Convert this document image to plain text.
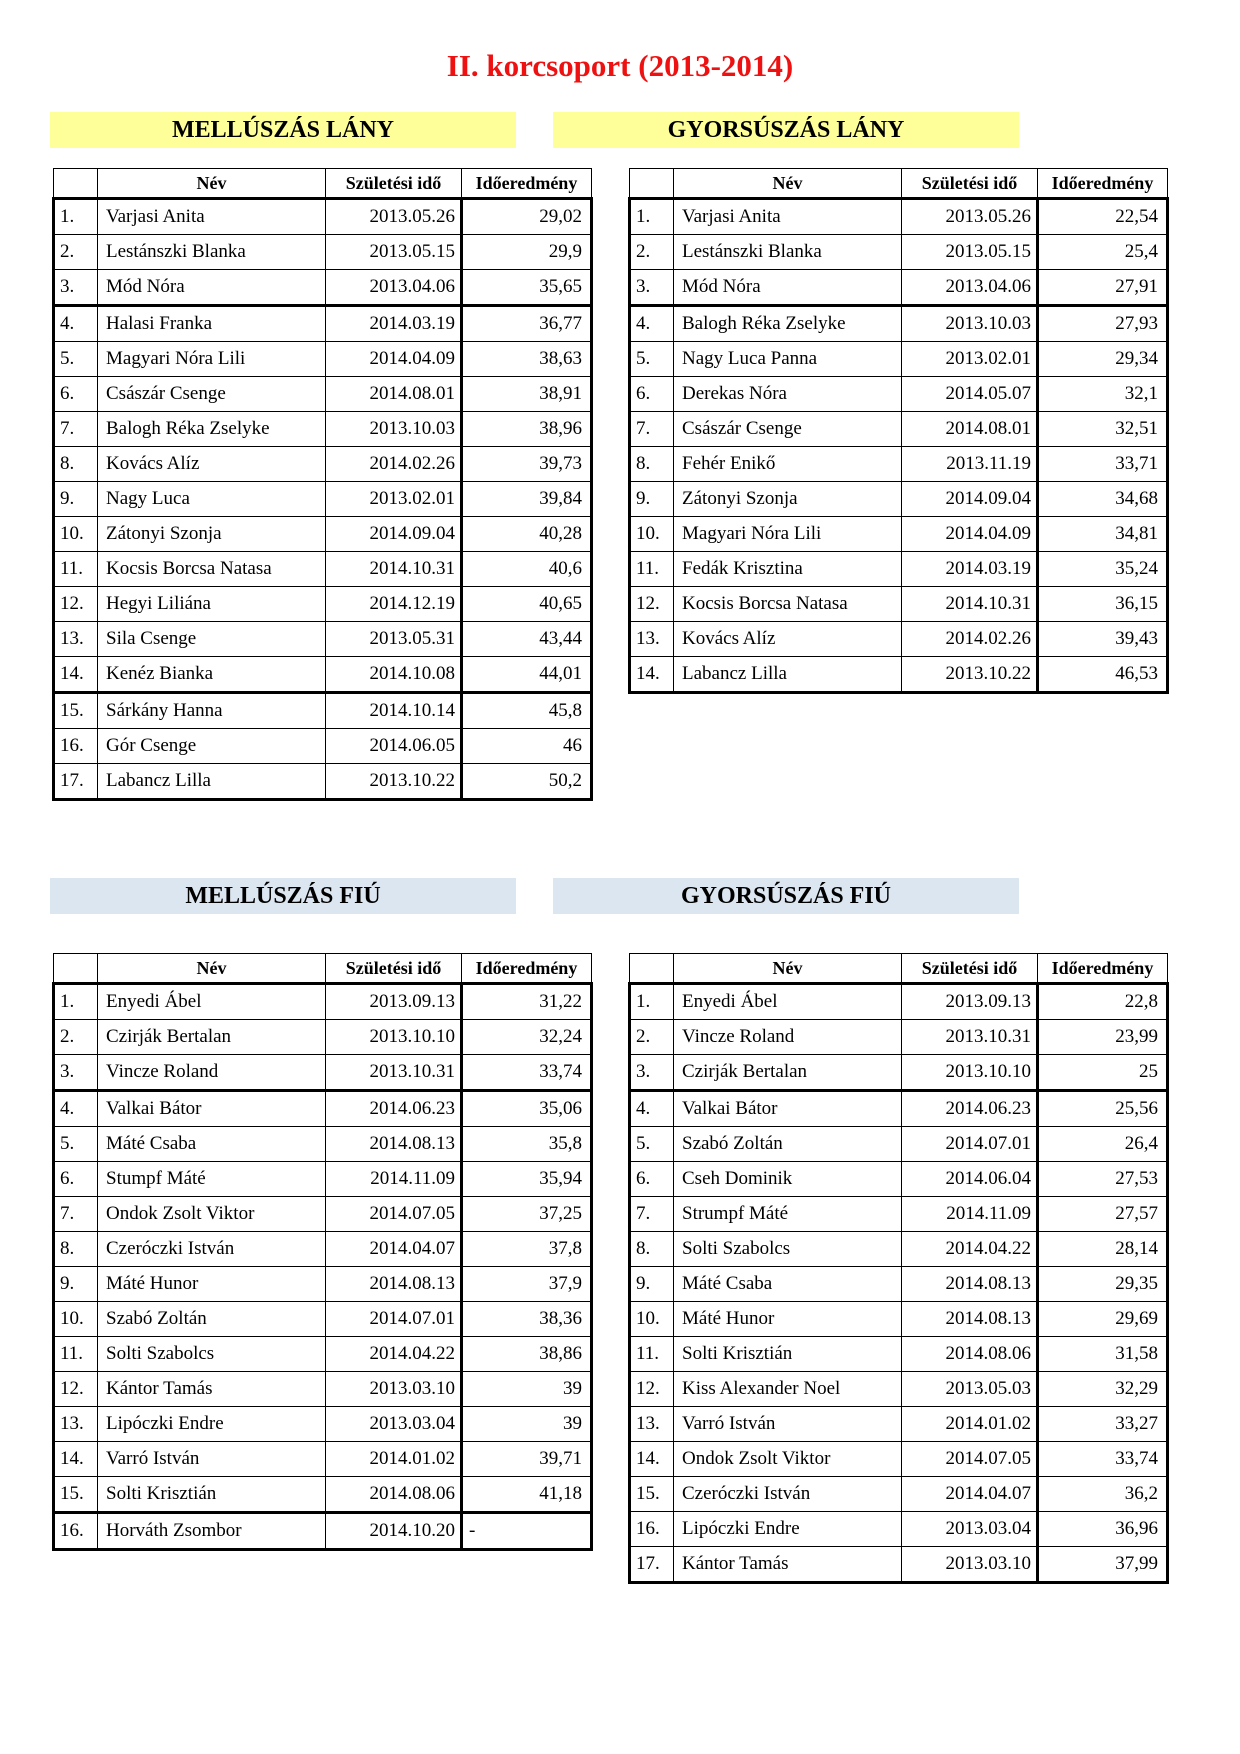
II. korcsoport (2013-2014)
MELLÚSZÁS LÁNY	GYORSÚSZÁS LÁNY
MELLÚSZÁS FIÚ	GYORSÚSZÁS FIÚ
	Név	Születési idő	Időeredmény
1.	Varjasi Anita	2013.05.26	29,02
2.	Lestánszki Blanka	2013.05.15	29,9
3.	Mód Nóra	2013.04.06	35,65
4.	Halasi Franka	2014.03.19	36,77
5.	Magyari Nóra Lili	2014.04.09	38,63
6.	Császár Csenge	2014.08.01	38,91
7.	Balogh Réka Zselyke	2013.10.03	38,96
8.	Kovács Alíz	2014.02.26	39,73
9.	Nagy Luca	2013.02.01	39,84
10.	Zátonyi Szonja	2014.09.04	40,28
11.	Kocsis Borcsa Natasa	2014.10.31	40,6
12.	Hegyi Liliána	2014.12.19	40,65
13.	Sila Csenge	2013.05.31	43,44
14.	Kenéz Bianka	2014.10.08	44,01
15.	Sárkány Hanna	2014.10.14	45,8
16.	Gór Csenge	2014.06.05	46
17.	Labancz Lilla	2013.10.22	50,2
	Név	Születési idő	Időeredmény
1.	Varjasi Anita	2013.05.26	22,54
2.	Lestánszki Blanka	2013.05.15	25,4
3.	Mód Nóra	2013.04.06	27,91
4.	Balogh Réka Zselyke	2013.10.03	27,93
5.	Nagy Luca Panna	2013.02.01	29,34
6.	Derekas Nóra	2014.05.07	32,1
7.	Császár Csenge	2014.08.01	32,51
8.	Fehér Enikő	2013.11.19	33,71
9.	Zátonyi Szonja	2014.09.04	34,68
10.	Magyari Nóra Lili	2014.04.09	34,81
11.	Fedák Krisztina	2014.03.19	35,24
12.	Kocsis Borcsa Natasa	2014.10.31	36,15
13.	Kovács Alíz	2014.02.26	39,43
14.	Labancz Lilla	2013.10.22	46,53
	Név	Születési idő	Időeredmény
1.	Enyedi Ábel	2013.09.13	31,22
2.	Czirják Bertalan	2013.10.10	32,24
3.	Vincze Roland	2013.10.31	33,74
4.	Valkai Bátor	2014.06.23	35,06
5.	Máté Csaba	2014.08.13	35,8
6.	Stumpf Máté	2014.11.09	35,94
7.	Ondok Zsolt Viktor	2014.07.05	37,25
8.	Czeróczki István	2014.04.07	37,8
9.	Máté Hunor	2014.08.13	37,9
10.	Szabó Zoltán	2014.07.01	38,36
11.	Solti Szabolcs	2014.04.22	38,86
12.	Kántor Tamás	2013.03.10	39
13.	Lipóczki Endre	2013.03.04	39
14.	Varró István	2014.01.02	39,71
15.	Solti Krisztián	2014.08.06	41,18
16.	Horváth Zsombor	2014.10.20	-
	Név	Születési idő	Időeredmény
1.	Enyedi Ábel	2013.09.13	22,8
2.	Vincze Roland	2013.10.31	23,99
3.	Czirják Bertalan	2013.10.10	25
4.	Valkai Bátor	2014.06.23	25,56
5.	Szabó Zoltán	2014.07.01	26,4
6.	Cseh Dominik	2014.06.04	27,53
7.	Strumpf Máté	2014.11.09	27,57
8.	Solti Szabolcs	2014.04.22	28,14
9.	Máté Csaba	2014.08.13	29,35
10.	Máté Hunor	2014.08.13	29,69
11.	Solti Krisztián	2014.08.06	31,58
12.	Kiss Alexander Noel	2013.05.03	32,29
13.	Varró István	2014.01.02	33,27
14.	Ondok Zsolt Viktor	2014.07.05	33,74
15.	Czeróczki István	2014.04.07	36,2
16.	Lipóczki Endre	2013.03.04	36,96
17.	Kántor Tamás	2013.03.10	37,99
